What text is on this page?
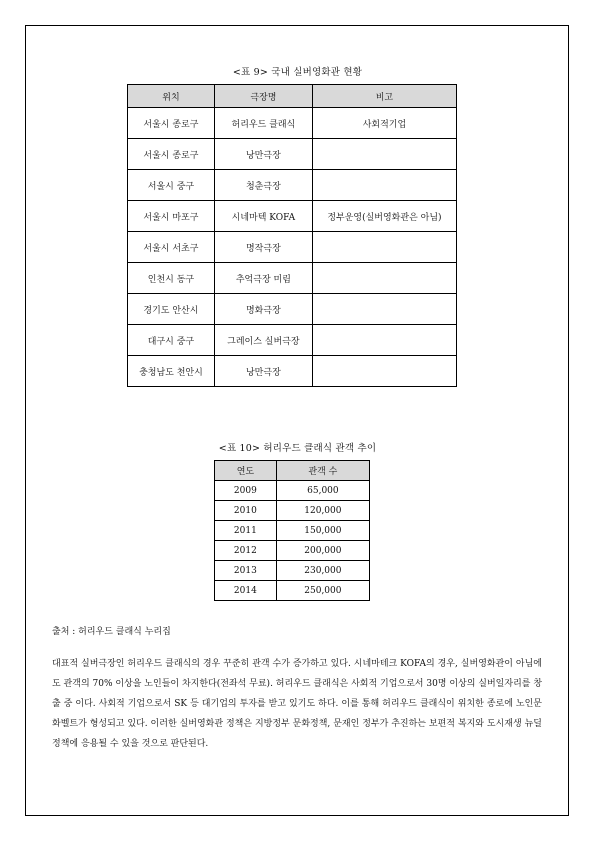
<표 9> 국내 실버영화관 현황
위치	극장명	비고
서울시 종로구	허리우드 클래식	사회적기업
서울시 종로구	낭만극장	
서울시 중구	청춘극장	
서울시 마포구	시네마텍 KOFA	정부운영(실버영화관은 아님)
서울시 서초구	명작극장	
인천시 동구	추억극장 미림	
경기도 안산시	명화극장	
대구시 중구	그레이스 실버극장	
충청남도 천안시	낭만극장	
<표 10> 허리우드 클래식 관객 추이
연도	관객 수
2009	65,000
2010	120,000
2011	150,000
2012	200,000
2013	230,000
2014	250,000
출처 : 허리우드 클래식 누리집

대표적 실버극장인 허리우드 클래식의 경우 꾸준히 관객 수가 증가하고 있다. 시네마테크 KOFA의 경우, 실버영화관이 아님에도 관객의 70% 이상을 노인들이 차지한다(전좌석 무료). 허리우드 클래식은 사회적 기업으로서 30명 이상의 실버일자리를 창출 중 이다. 사회적 기업으로서 SK 등 대기업의 투자를 받고 있기도 하다. 이를 통해 허리우드 클래식이 위치한 종로에 노인문화벨트가 형성되고 있다. 이러한 실버영화관 정책은 지방정부 문화정책, 문재인 정부가 추진하는 보편적 복지와 도시재생 뉴딜 정책에 응용될 수 있을 것으로 판단된다.
